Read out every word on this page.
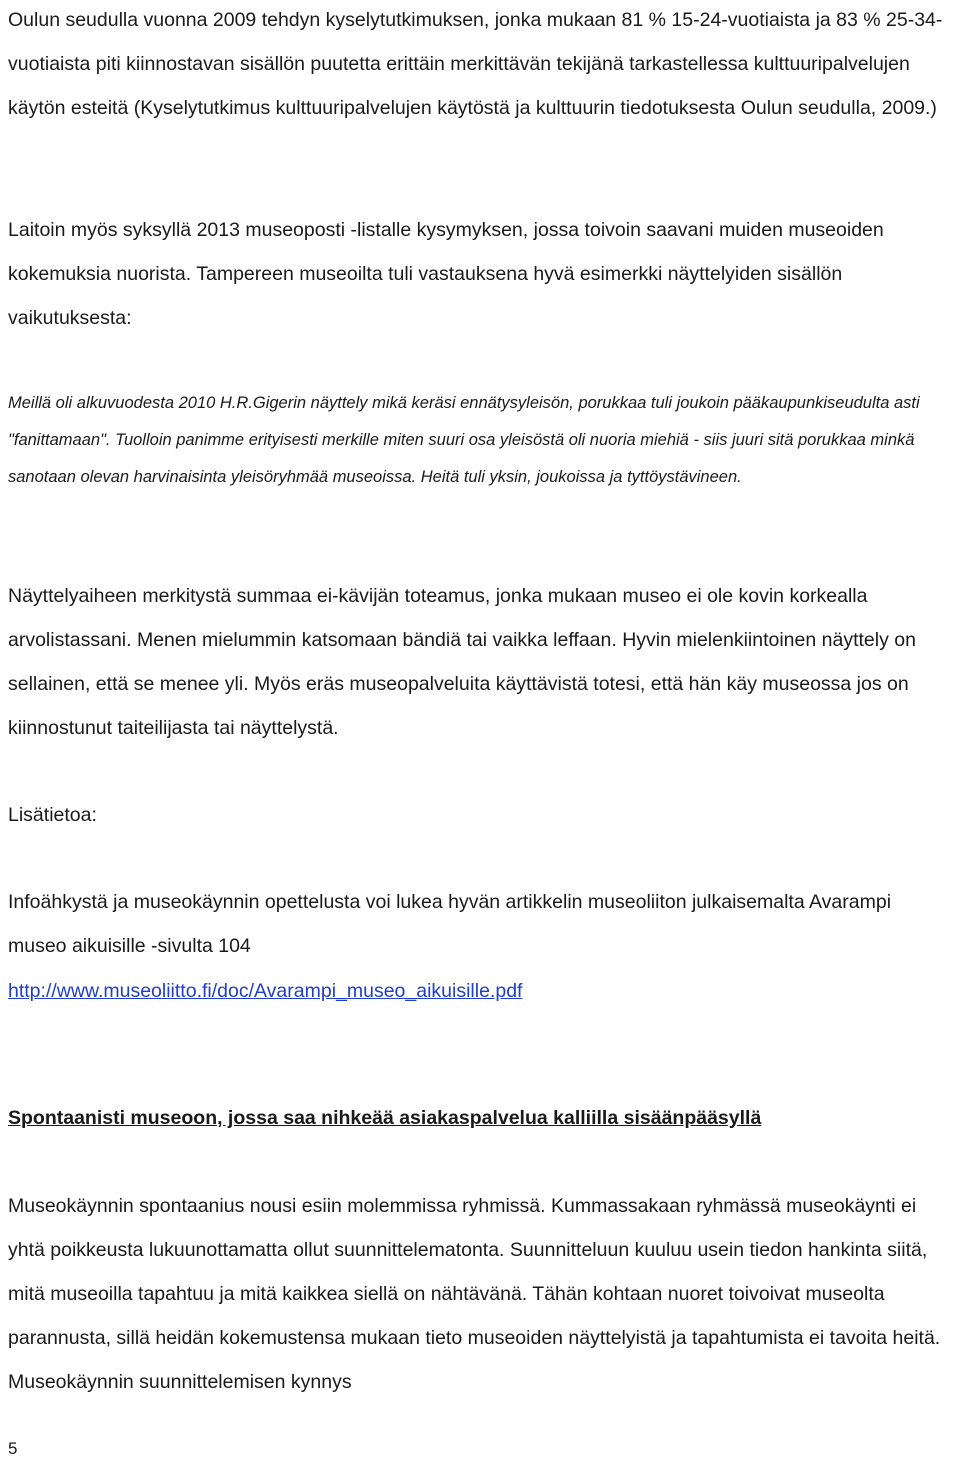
Oulun seudulla vuonna 2009 tehdyn kyselytutkimuksen, jonka mukaan 81 % 15-24-vuotiaista ja 83 % 25-34-vuotiaista piti kiinnostavan sisällön puutetta erittäin merkittävän tekijänä tarkastellessa kulttuuripalvelujen käytön esteitä (Kyselytutkimus kulttuuripalvelujen käytöstä ja kulttuurin tiedotuksesta Oulun seudulla, 2009.)

Laitoin myös syksyllä 2013 museoposti -listalle kysymyksen, jossa toivoin saavani muiden museoiden kokemuksia nuorista. Tampereen museoilta tuli vastauksena hyvä esimerkki näyttelyiden sisällön vaikutuksesta:

Meillä oli alkuvuodesta 2010 H.R.Gigerin näyttely mikä keräsi ennätysyleisön, porukkaa tuli joukoin pääkaupunkiseudulta asti "fanittamaan". Tuolloin panimme erityisesti merkille miten suuri osa yleisöstä oli nuoria miehiä - siis juuri sitä porukkaa minkä sanotaan olevan harvinaisinta yleisöryhmää museoissa. Heitä tuli yksin, joukoissa ja tyttöystävineen.

Näyttelyaiheen merkitystä summaa ei-kävijän toteamus, jonka mukaan museo ei ole kovin korkealla arvolistassani. Menen mielummin katsomaan bändiä tai vaikka leffaan. Hyvin mielenkiintoinen näyttely on sellainen, että se menee yli. Myös eräs museopalveluita käyttävistä totesi, että hän käy museossa jos on kiinnostunut taiteilijasta tai näyttelystä.

Lisätietoa:

Infoähkystä ja museokäynnin opettelusta voi lukea hyvän artikkelin museoliiton julkaisemalta Avarampi museo aikuisille -sivulta 104

http://www.museoliitto.fi/doc/Avarampi_museo_aikuisille.pdf

Spontaanisti museoon, jossa saa nihkeää asiakaspalvelua kalliilla sisäänpääsyllä

Museokäynnin spontaanius nousi esiin molemmissa ryhmissä. Kummassakaan ryhmässä museokäynti ei yhtä poikkeusta lukuunottamatta ollut suunnittelematonta. Suunnitteluun kuuluu usein tiedon hankinta siitä, mitä museoilla tapahtuu ja mitä kaikkea siellä on nähtävänä. Tähän kohtaan nuoret toivoivat museolta parannusta, sillä heidän kokemustensa mukaan tieto museoiden näyttelyistä ja tapahtumista ei tavoita heitä. Museokäynnin suunnittelemisen kynnys

5
